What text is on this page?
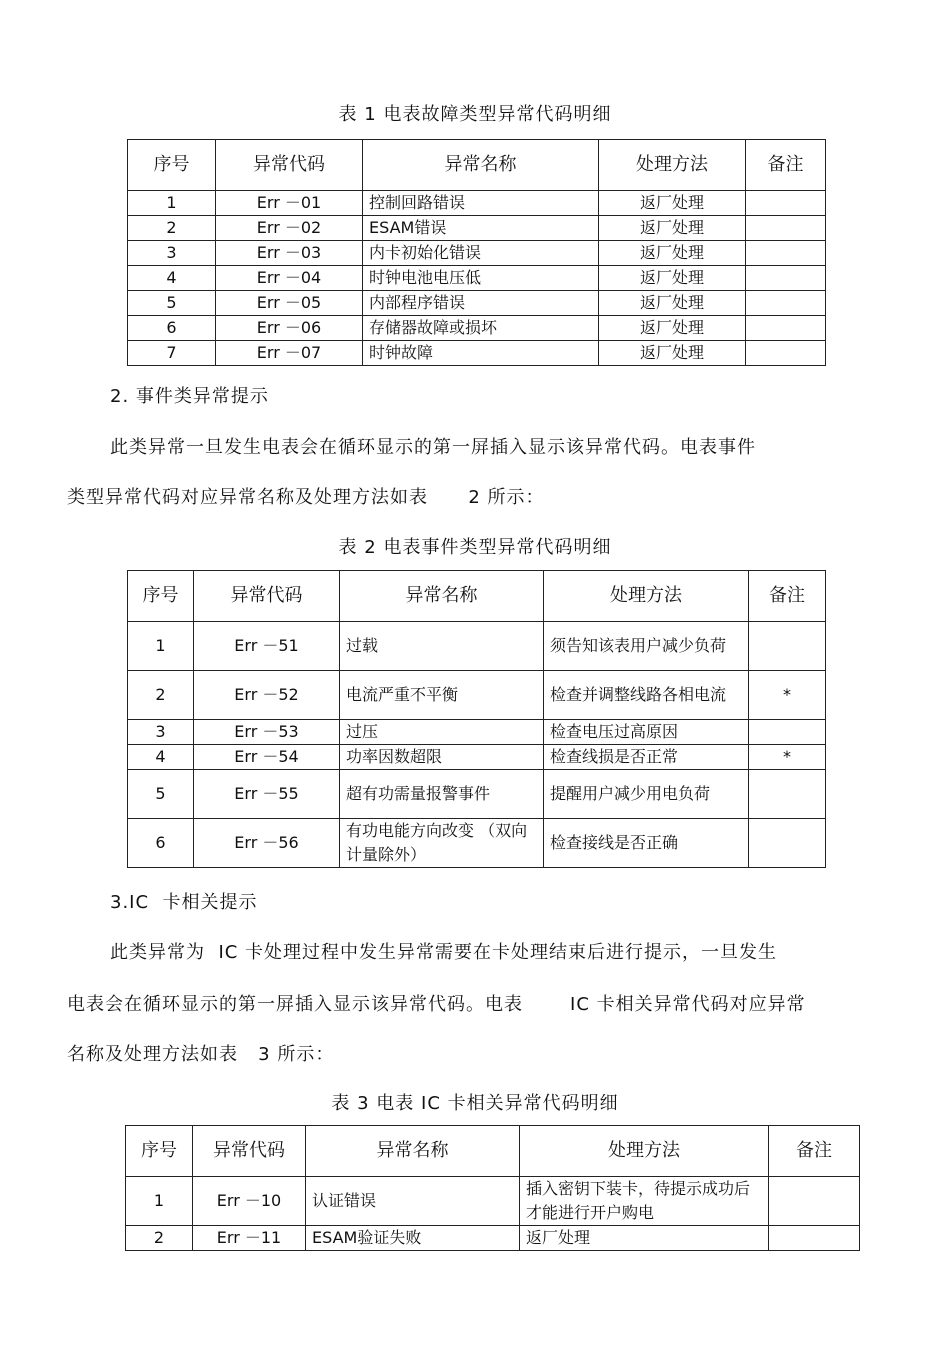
表 1 电表故障类型异常代码明细
序号	异常代码	异常名称	处理方法	备注
1	Err －01	控制回路错误	返厂处理	
2	Err －02	ESAM错误	返厂处理	
3	Err －03	内卡初始化错误	返厂处理	
4	Err －04	时钟电池电压低	返厂处理	
5	Err －05	内部程序错误	返厂处理	
6	Err －06	存储器故障或损坏	返厂处理	
7	Err －07	时钟故障	返厂处理	
2. 事件类异常提示
此类异常一旦发生电表会在循环显示的第一屏插入显示该异常代码。电表事件
类型异常代码对应异常名称及处理方法如表      2 所示：
表 2 电表事件类型异常代码明细
序号	异常代码	异常名称	处理方法	备注
1	Err －51	过载	须告知该表用户减少负荷	
2	Err －52	电流严重不平衡	检查并调整线路各相电流	*
3	Err －53	过压	检查电压过高原因	
4	Err －54	功率因数超限	检查线损是否正常	*
5	Err －55	超有功需量报警事件	提醒用户减少用电负荷	
6	Err －56	有功电能方向改变 （双向计量除外）	检查接线是否正确	
3.IC  卡相关提示
此类异常为  IC 卡处理过程中发生异常需要在卡处理结束后进行提示，一旦发生
电表会在循环显示的第一屏插入显示该异常代码。电表       IC 卡相关异常代码对应异常
名称及处理方法如表   3 所示：
表 3 电表 IC 卡相关异常代码明细
序号	异常代码	异常名称	处理方法	备注
1	Err －10	认证错误	插入密钥下装卡，待提示成功后才能进行开户购电	
2	Err －11	ESAM验证失败	返厂处理	
